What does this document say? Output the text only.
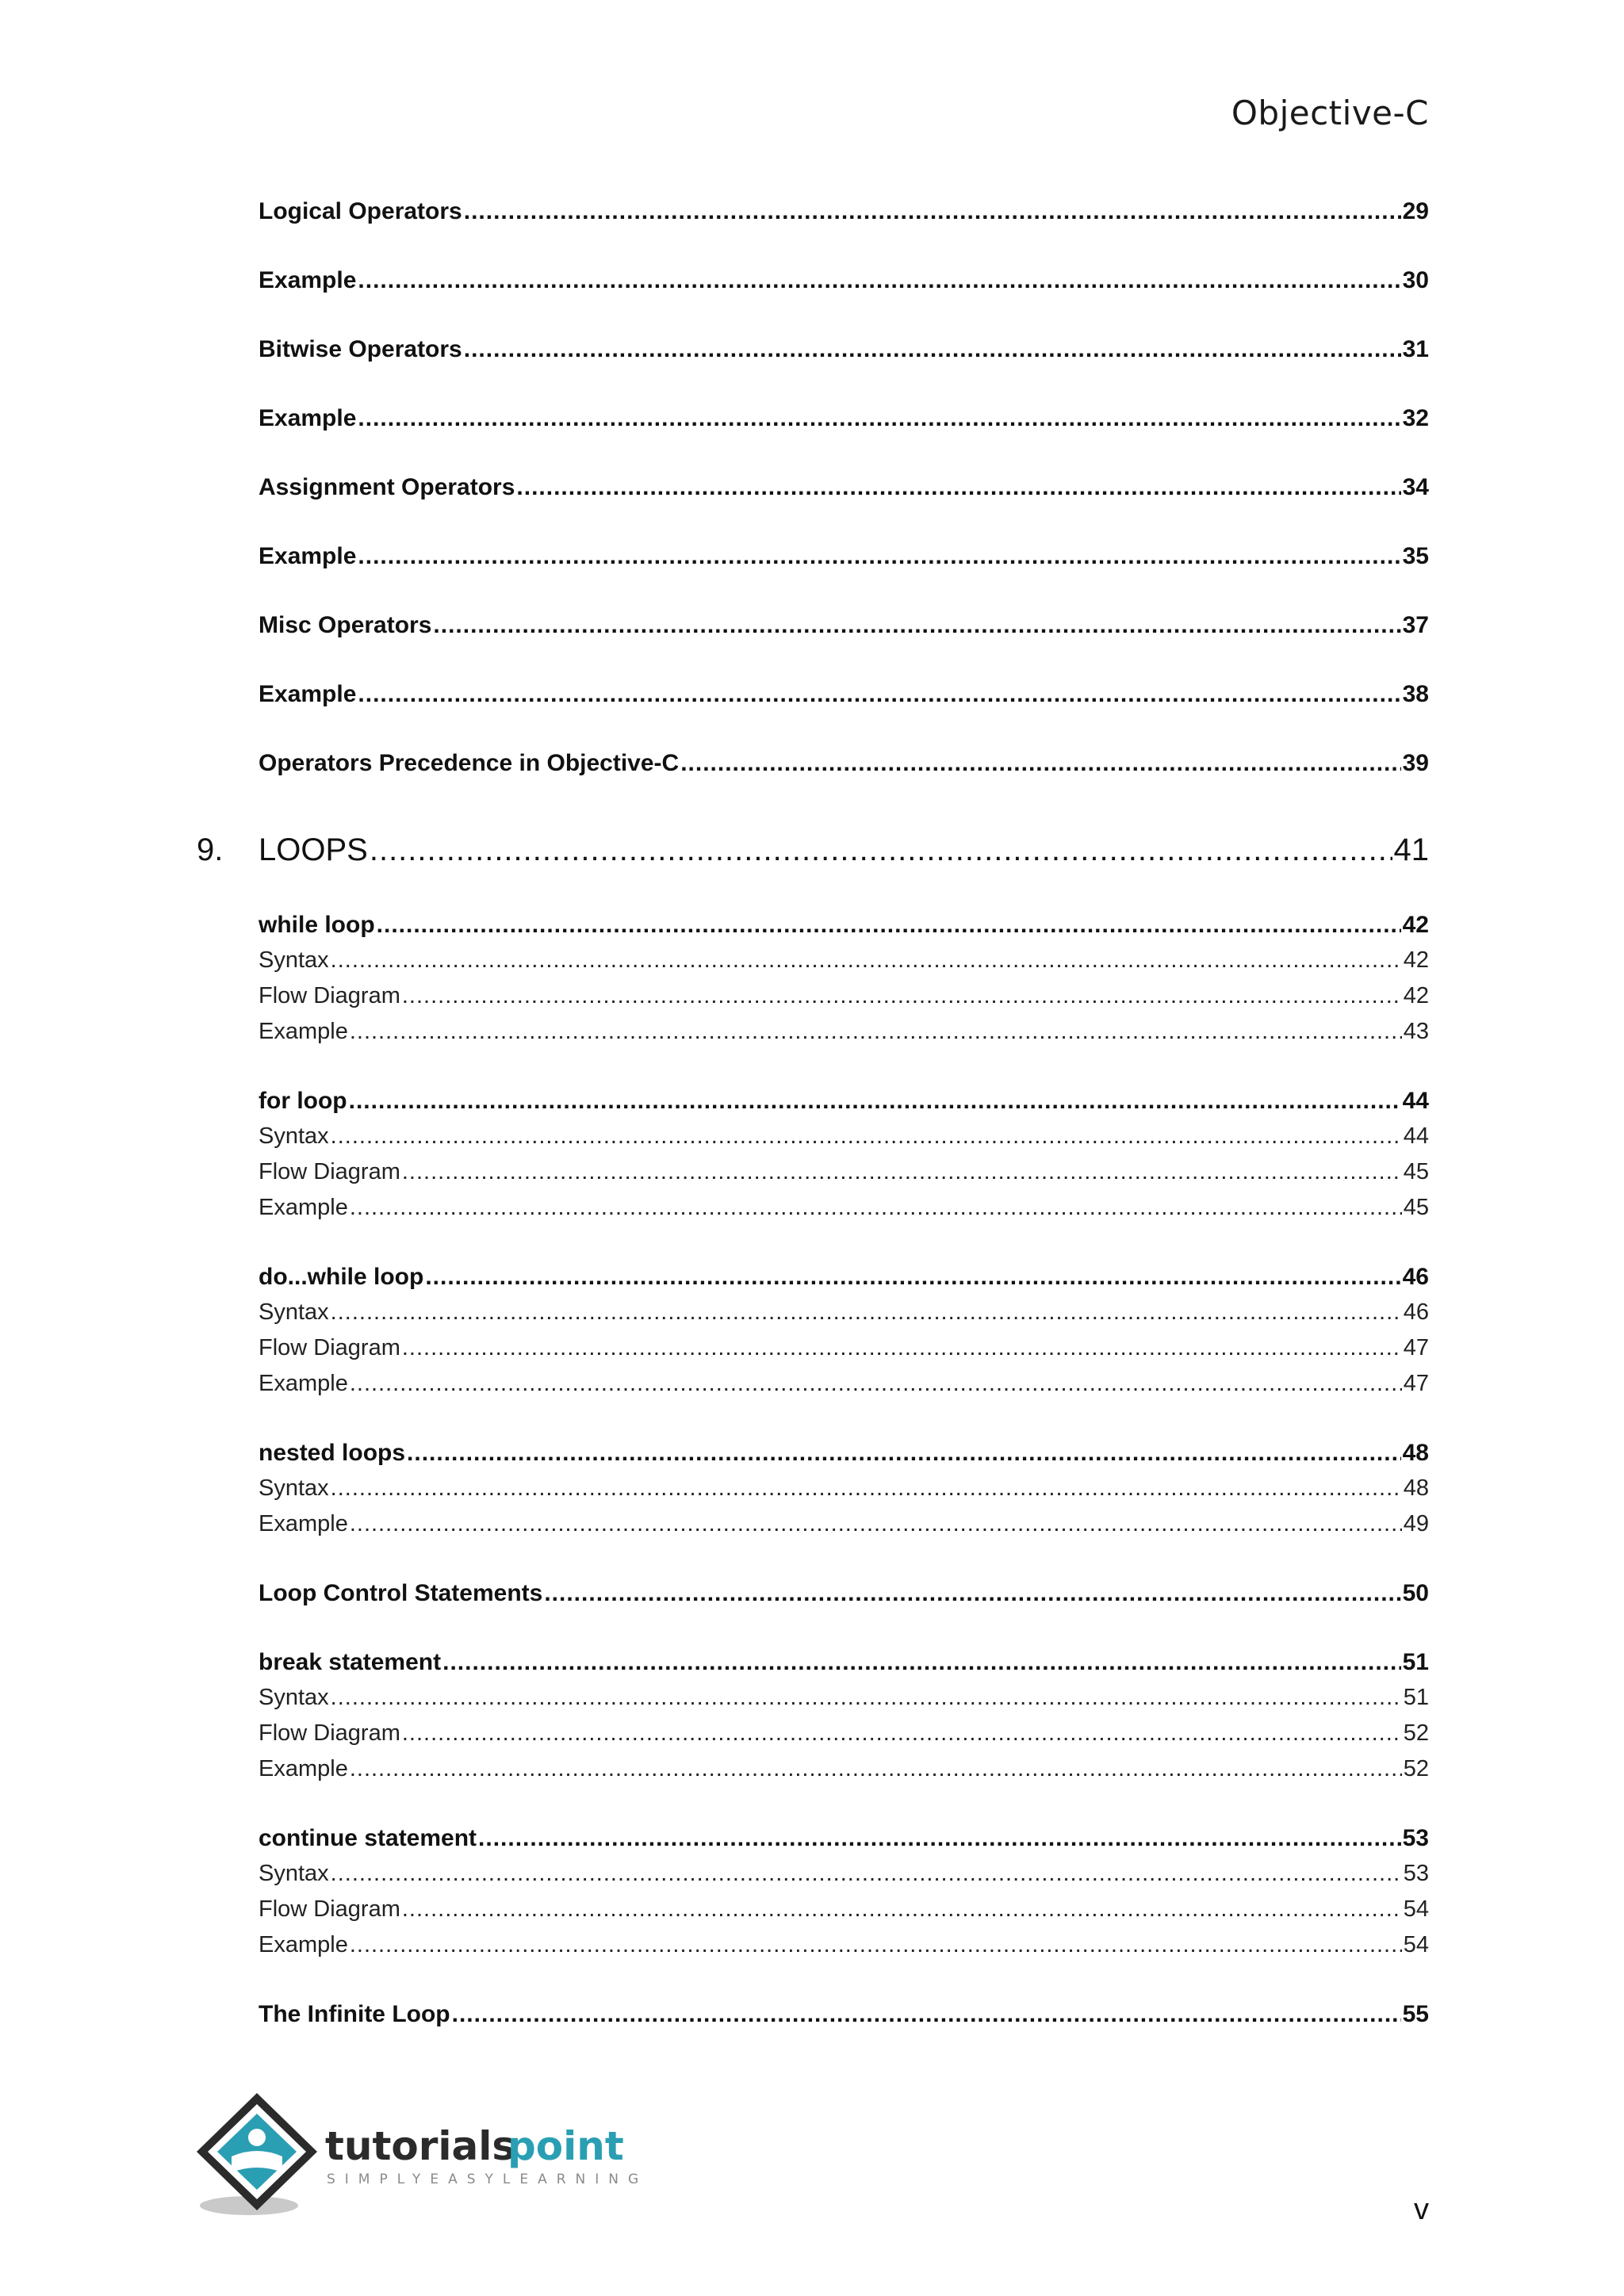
Objective-C
Logical Operators .....	29
Example .....	30
Bitwise Operators .....	31
Example .....	32
Assignment Operators .....	34
Example .....	35
Misc Operators .....	37
Example .....	38
Operators Precedence in Objective-C .....	39
9. LOOPS .....	41
while loop .....	42
Syntax .....	42
Flow Diagram .....	42
Example .....	43
for loop .....	44
Syntax .....	44
Flow Diagram .....	45
Example .....	45
do...while loop .....	46
Syntax .....	46
Flow Diagram .....	47
Example .....	47
nested loops .....	48
Syntax .....	48
Example .....	49
Loop Control Statements .....	50
break statement .....	51
Syntax .....	51
Flow Diagram .....	52
Example .....	52
continue statement .....	53
Syntax .....	53
Flow Diagram .....	54
Example .....	54
The Infinite Loop .....	55
tutorials
point
SIMPLYEASYLEARNING
v
